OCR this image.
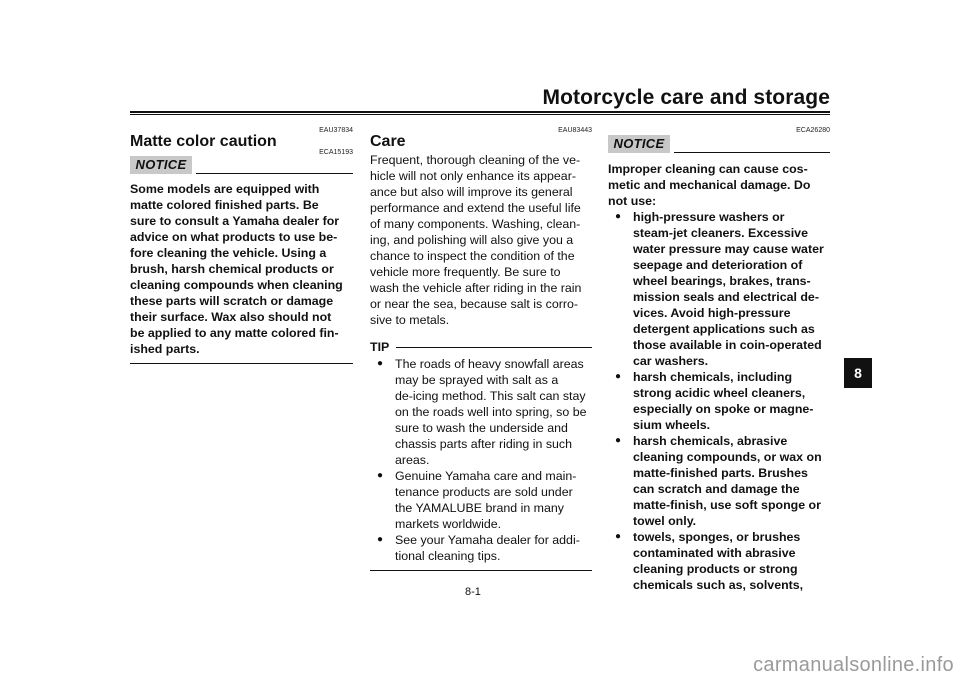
Motorcycle care and storage
EAU37834
Matte color caution
ECA15193
NOTICE
Some models are equipped with
matte colored finished parts. Be
sure to consult a Yamaha dealer for
advice on what products to use be-
fore cleaning the vehicle. Using a
brush, harsh chemical products or
cleaning compounds when cleaning
these parts will scratch or damage
their surface. Wax also should not
be applied to any matte colored fin-
ished parts.
EAU83443
Care
Frequent, thorough cleaning of the ve-
hicle will not only enhance its appear-
ance but also will improve its general
performance and extend the useful life
of many components. Washing, clean-
ing, and polishing will also give you a
chance to inspect the condition of the
vehicle more frequently. Be sure to
wash the vehicle after riding in the rain
or near the sea, because salt is corro-
sive to metals.
TIP
● The roads of heavy snowfall areas
may be sprayed with salt as a
de-icing method. This salt can stay
on the roads well into spring, so be
sure to wash the underside and
chassis parts after riding in such
areas.
● Genuine Yamaha care and main-
tenance products are sold under
the YAMALUBE brand in many
markets worldwide.
● See your Yamaha dealer for addi-
tional cleaning tips.
ECA26280
NOTICE
Improper cleaning can cause cos-
metic and mechanical damage. Do
not use:
● high-pressure washers or
steam-jet cleaners. Excessive
water pressure may cause water
seepage and deterioration of
wheel bearings, brakes, trans-
mission seals and electrical de-
vices. Avoid high-pressure
detergent applications such as
those available in coin-operated
car washers.
● harsh chemicals, including
strong acidic wheel cleaners,
especially on spoke or magne-
sium wheels.
● harsh chemicals, abrasive
cleaning compounds, or wax on
matte-finished parts. Brushes
can scratch and damage the
matte-finish, use soft sponge or
towel only.
● towels, sponges, or brushes
contaminated with abrasive
cleaning products or strong
chemicals such as, solvents,
8
8-1
carmanualsonline.info
